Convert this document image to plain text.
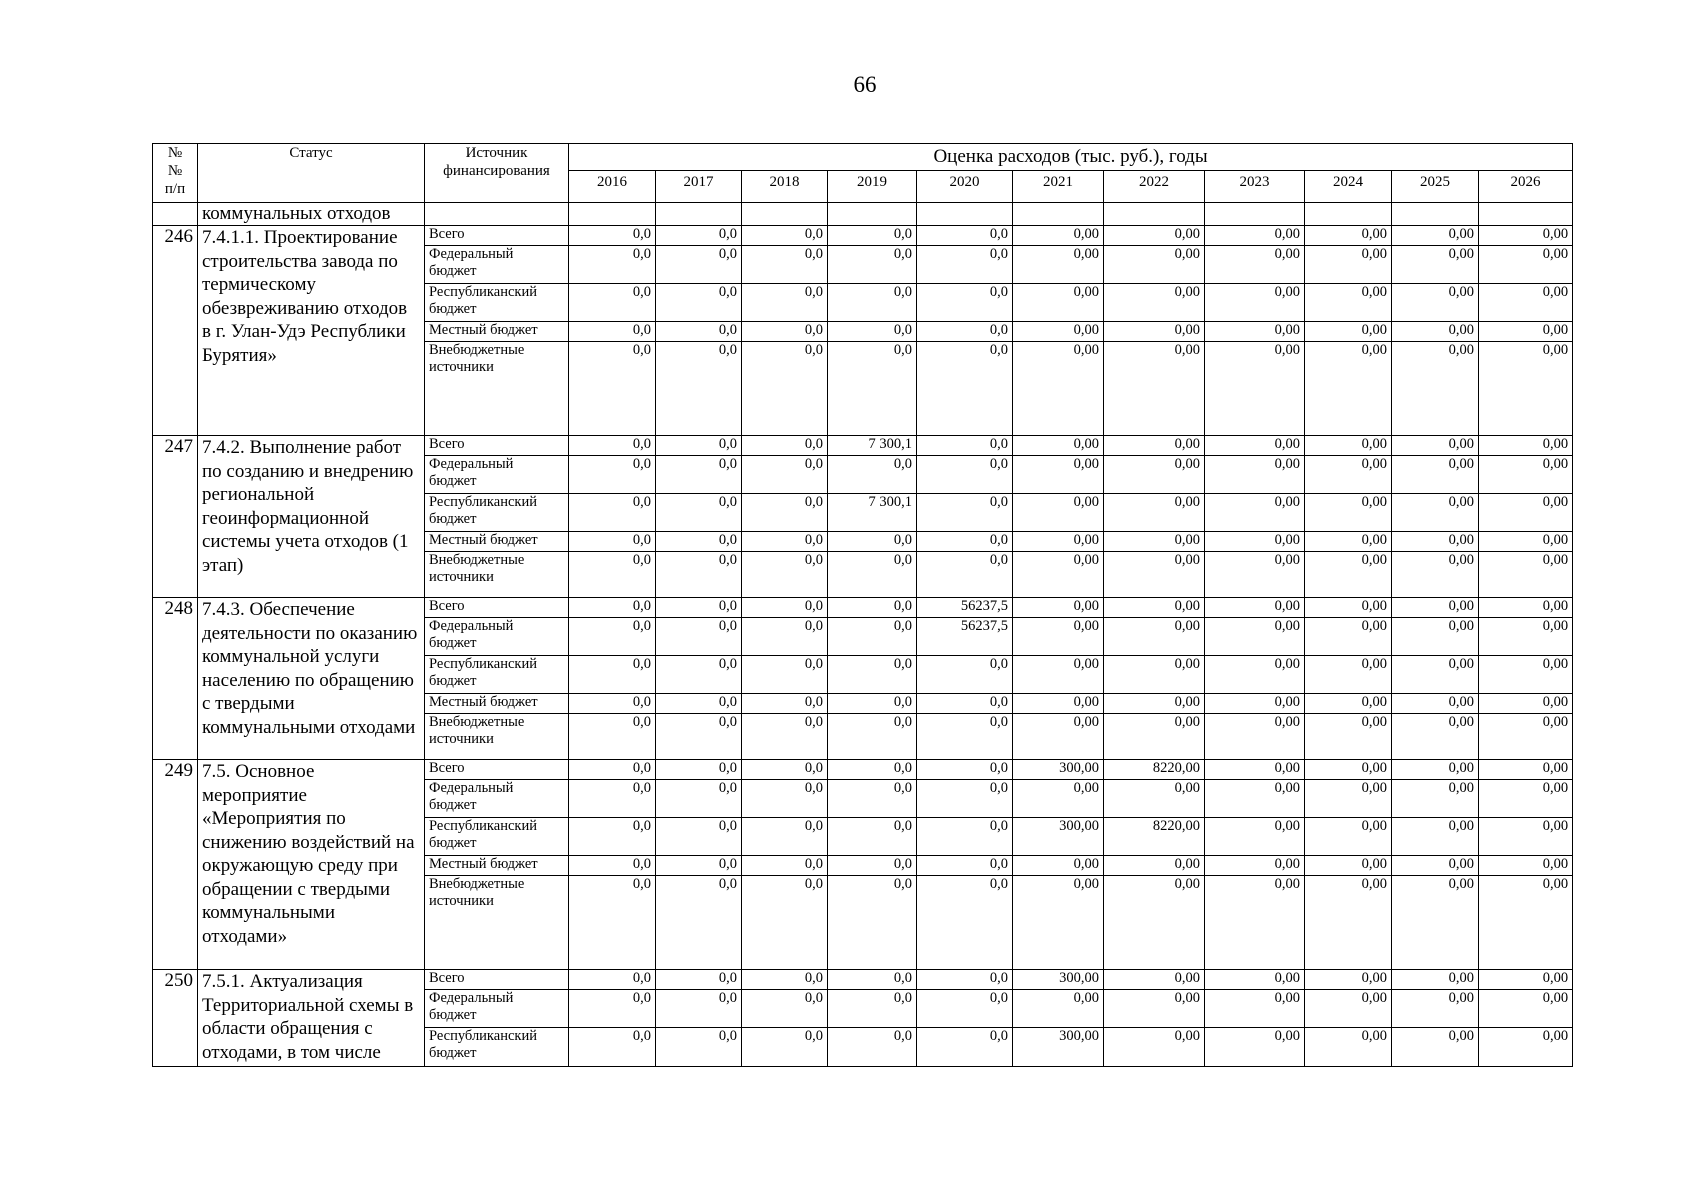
66
№
№
п/п	Статус	Источник финансирования	Оценка расходов (тыс. руб.), годы										
			2016	2017	2018	2019	2020	2021	2022	2023	2024	2025	2026
	коммунальных отходов												
246	7.4.1.1. Проектирование строительства завода по термическому обезвреживанию отходов в г. Улан-Удэ Республики Бурятия»	Всего	0,0	0,0	0,0	0,0	0,0	0,00	0,00	0,00	0,00	0,00	0,00
		Федеральный бюджет	0,0	0,0	0,0	0,0	0,0	0,00	0,00	0,00	0,00	0,00	0,00
		Республиканский бюджет	0,0	0,0	0,0	0,0	0,0	0,00	0,00	0,00	0,00	0,00	0,00
		Местный бюджет	0,0	0,0	0,0	0,0	0,0	0,00	0,00	0,00	0,00	0,00	0,00
		Внебюджетные источники	0,0	0,0	0,0	0,0	0,0	0,00	0,00	0,00	0,00	0,00	0,00
247	7.4.2. Выполнение работ по созданию и внедрению региональной геоинформационной системы учета отходов (1 этап)	Всего	0,0	0,0	0,0	7 300,1	0,0	0,00	0,00	0,00	0,00	0,00	0,00
		Федеральный бюджет	0,0	0,0	0,0	0,0	0,0	0,00	0,00	0,00	0,00	0,00	0,00
		Республиканский бюджет	0,0	0,0	0,0	7 300,1	0,0	0,00	0,00	0,00	0,00	0,00	0,00
		Местный бюджет	0,0	0,0	0,0	0,0	0,0	0,00	0,00	0,00	0,00	0,00	0,00
		Внебюджетные источники	0,0	0,0	0,0	0,0	0,0	0,00	0,00	0,00	0,00	0,00	0,00
248	7.4.3. Обеспечение деятельности по оказанию коммунальной услуги населению по обращению с твердыми коммунальными отходами	Всего	0,0	0,0	0,0	0,0	56237,5	0,00	0,00	0,00	0,00	0,00	0,00
		Федеральный бюджет	0,0	0,0	0,0	0,0	56237,5	0,00	0,00	0,00	0,00	0,00	0,00
		Республиканский бюджет	0,0	0,0	0,0	0,0	0,0	0,00	0,00	0,00	0,00	0,00	0,00
		Местный бюджет	0,0	0,0	0,0	0,0	0,0	0,00	0,00	0,00	0,00	0,00	0,00
		Внебюджетные источники	0,0	0,0	0,0	0,0	0,0	0,00	0,00	0,00	0,00	0,00	0,00
249	7.5. Основное мероприятие «Мероприятия по снижению воздействий на окружающую среду при обращении с твердыми коммунальными отходами»	Всего	0,0	0,0	0,0	0,0	0,0	300,00	8220,00	0,00	0,00	0,00	0,00
		Федеральный бюджет	0,0	0,0	0,0	0,0	0,0	0,00	0,00	0,00	0,00	0,00	0,00
		Республиканский бюджет	0,0	0,0	0,0	0,0	0,0	300,00	8220,00	0,00	0,00	0,00	0,00
		Местный бюджет	0,0	0,0	0,0	0,0	0,0	0,00	0,00	0,00	0,00	0,00	0,00
		Внебюджетные источники	0,0	0,0	0,0	0,0	0,0	0,00	0,00	0,00	0,00	0,00	0,00
250	7.5.1. Актуализация Территориальной схемы в области обращения с отходами, в том числе	Всего	0,0	0,0	0,0	0,0	0,0	300,00	0,00	0,00	0,00	0,00	0,00
		Федеральный бюджет	0,0	0,0	0,0	0,0	0,0	0,00	0,00	0,00	0,00	0,00	0,00
		Республиканский бюджет	0,0	0,0	0,0	0,0	0,0	300,00	0,00	0,00	0,00	0,00	0,00
